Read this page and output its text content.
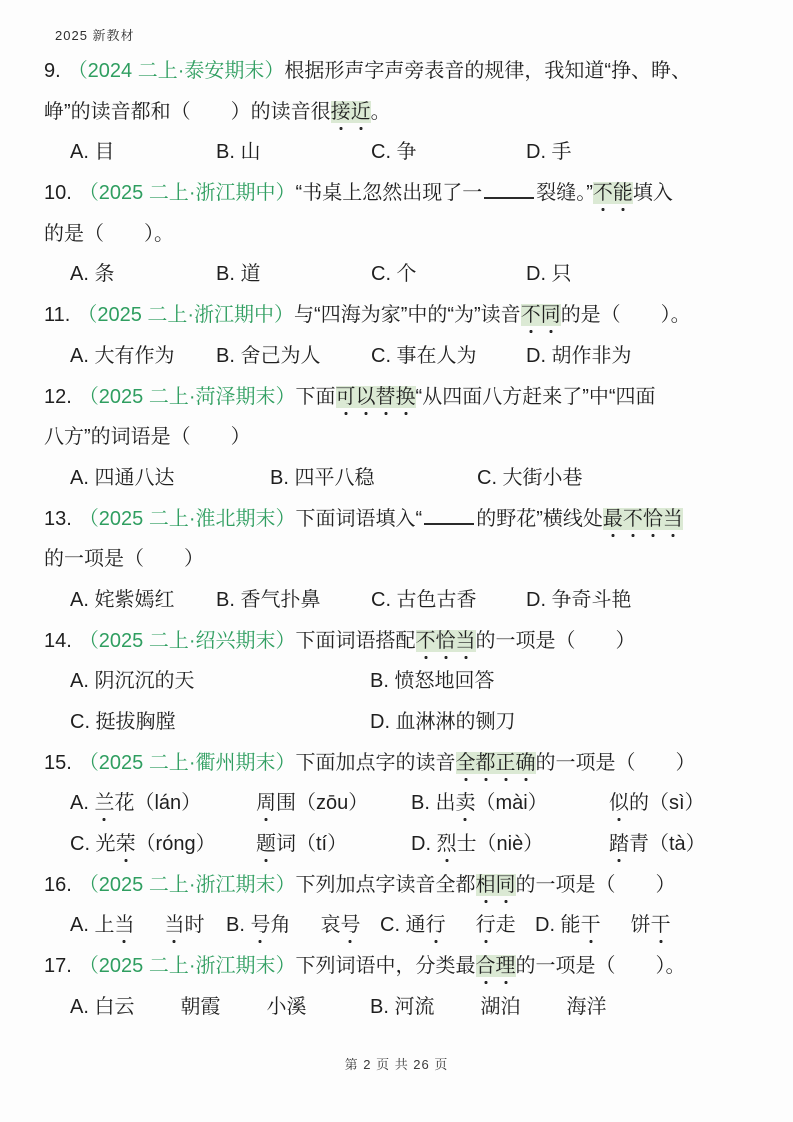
2025 新教材
9. （2024 二上·泰安期末）根据形声字声旁表音的规律，我知道“挣、睁、
峥”的读音都和（　　）的读音很接近。
A. 目	B. 山	C. 争	D. 手
10. （2025 二上·浙江期中）“书桌上忽然出现了一	裂缝。”不能填入
的是（　　）。
A. 条	B. 道	C. 个	D. 只
11. （2025 二上·浙江期中）与“四海为家”中的“为”读音不同的是（　　）。
A. 大有作为	B. 舍己为人	C. 事在人为	D. 胡作非为
12. （2025 二上·菏泽期末）下面可以替换“从四面八方赶来了”中“四面
八方”的词语是（　　）
A. 四通八达	B. 四平八稳	C. 大街小巷
13. （2025 二上·淮北期末）下面词语填入“	的野花”横线处最不恰当
的一项是（　　）
A. 姹紫嫣红	B. 香气扑鼻	C. 古色古香	D. 争奇斗艳
14. （2025 二上·绍兴期末）下面词语搭配不恰当的一项是（　　）
A. 阴沉沉的天	B. 愤怒地回答
C. 挺拔胸膛	D. 血淋淋的铡刀
15. （2025 二上·衢州期末）下面加点字的读音全都正确的一项是（　　）
A. 兰花（lán）	周围（zōu）	B. 出卖（mài）	似的（sì）
C. 光荣（róng）	题词（tí）	D. 烈士（niè）	踏青（tà）
16. （2025 二上·浙江期末）下列加点字读音全都相同的一项是（　　）
A. 上当 当时	B. 号角 哀号 C. 通行 行走 D. 能干 饼干
17. （2025 二上·浙江期末）下列词语中，分类最合理的一项是（　　）。
A. 白云 朝霞 小溪	B. 河流 湖泊 海洋
第 2 页 共 26 页
